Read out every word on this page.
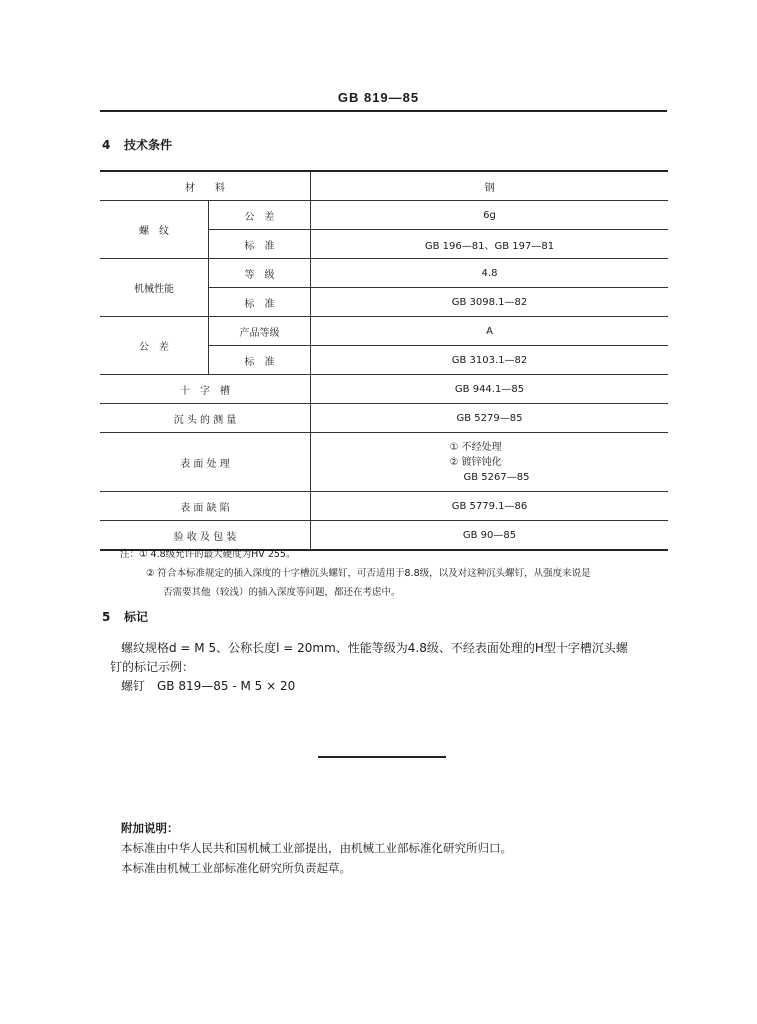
GB 819—85
4 技术条件
材　　料		钢
螺　纹	公　差	6g
	标　准	GB 196—81、GB 197—81
机械性能	等　级	4.8
	标　准	GB 3098.1—82
公　差	产品等级	A
	标　准	GB 3103.1—82
十　字　槽		GB 944.1—85
沉 头 的 测 量		GB 5279—85
表 面 处 理		① 不经处理
② 镀锌钝化
GB 5267—85
表 面 缺 陷		GB 5779.1—86
验 收 及 包 装		GB 90—85
注：① 4.8级允许的最大硬度为HV 255。
② 符合本标准规定的插入深度的十字槽沉头螺钉，可否适用于8.8级，以及对这种沉头螺钉，从强度来说是
否需要其他（较浅）的插入深度等问题，都还在考虑中。
5 标记
螺纹规格d = M 5、公称长度l = 20mm、性能等级为4.8级、不经表面处理的H型十字槽沉头螺
钉的标记示例：
螺钉　GB 819—85 - M 5 × 20
附加说明：
本标准由中华人民共和国机械工业部提出，由机械工业部标准化研究所归口。
本标准由机械工业部标准化研究所负责起草。
